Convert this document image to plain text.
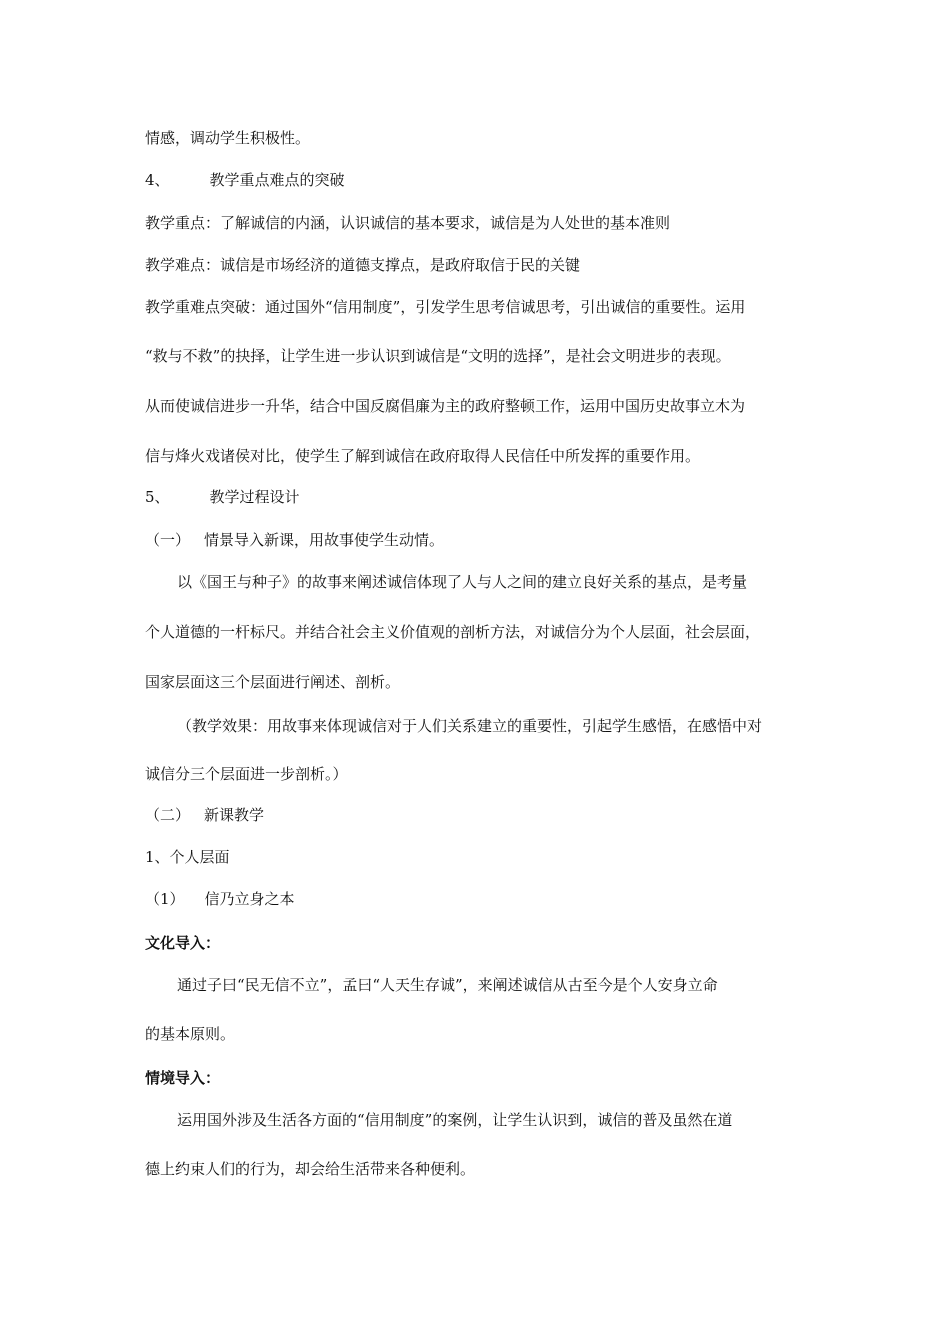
情感，调动学生积极性。
4、	教学重点难点的突破
教学重点：了解诚信的内涵，认识诚信的基本要求，诚信是为人处世的基本准则
教学难点：诚信是市场经济的道德支撑点，是政府取信于民的关键
教学重难点突破：通过国外“信用制度”，引发学生思考信诚思考，引出诚信的重要性。运用
“救与不救”的抉择，让学生进一步认识到诚信是“文明的选择”，是社会文明进步的表现。
从而使诚信进步一升华，结合中国反腐倡廉为主的政府整顿工作，运用中国历史故事立木为
信与烽火戏诸侯对比，使学生了解到诚信在政府取得人民信任中所发挥的重要作用。
5、	教学过程设计
（一） 情景导入新课，用故事使学生动情。
以《国王与种子》的故事来阐述诚信体现了人与人之间的建立良好关系的基点，是考量
个人道德的一杆标尺。并结合社会主义价值观的剖析方法，对诚信分为个人层面，社会层面，
国家层面这三个层面进行阐述、剖析。
（教学效果：用故事来体现诚信对于人们关系建立的重要性，引起学生感悟，在感悟中对
诚信分三个层面进一步剖析。）
（二） 新课教学
1、个人层面
（1） 信乃立身之本
文化导入：
通过子曰“民无信不立”，孟曰“人天生存诚”，来阐述诚信从古至今是个人安身立命
的基本原则。
情境导入：
运用国外涉及生活各方面的“信用制度”的案例，让学生认识到，诚信的普及虽然在道
德上约束人们的行为，却会给生活带来各种便利。
